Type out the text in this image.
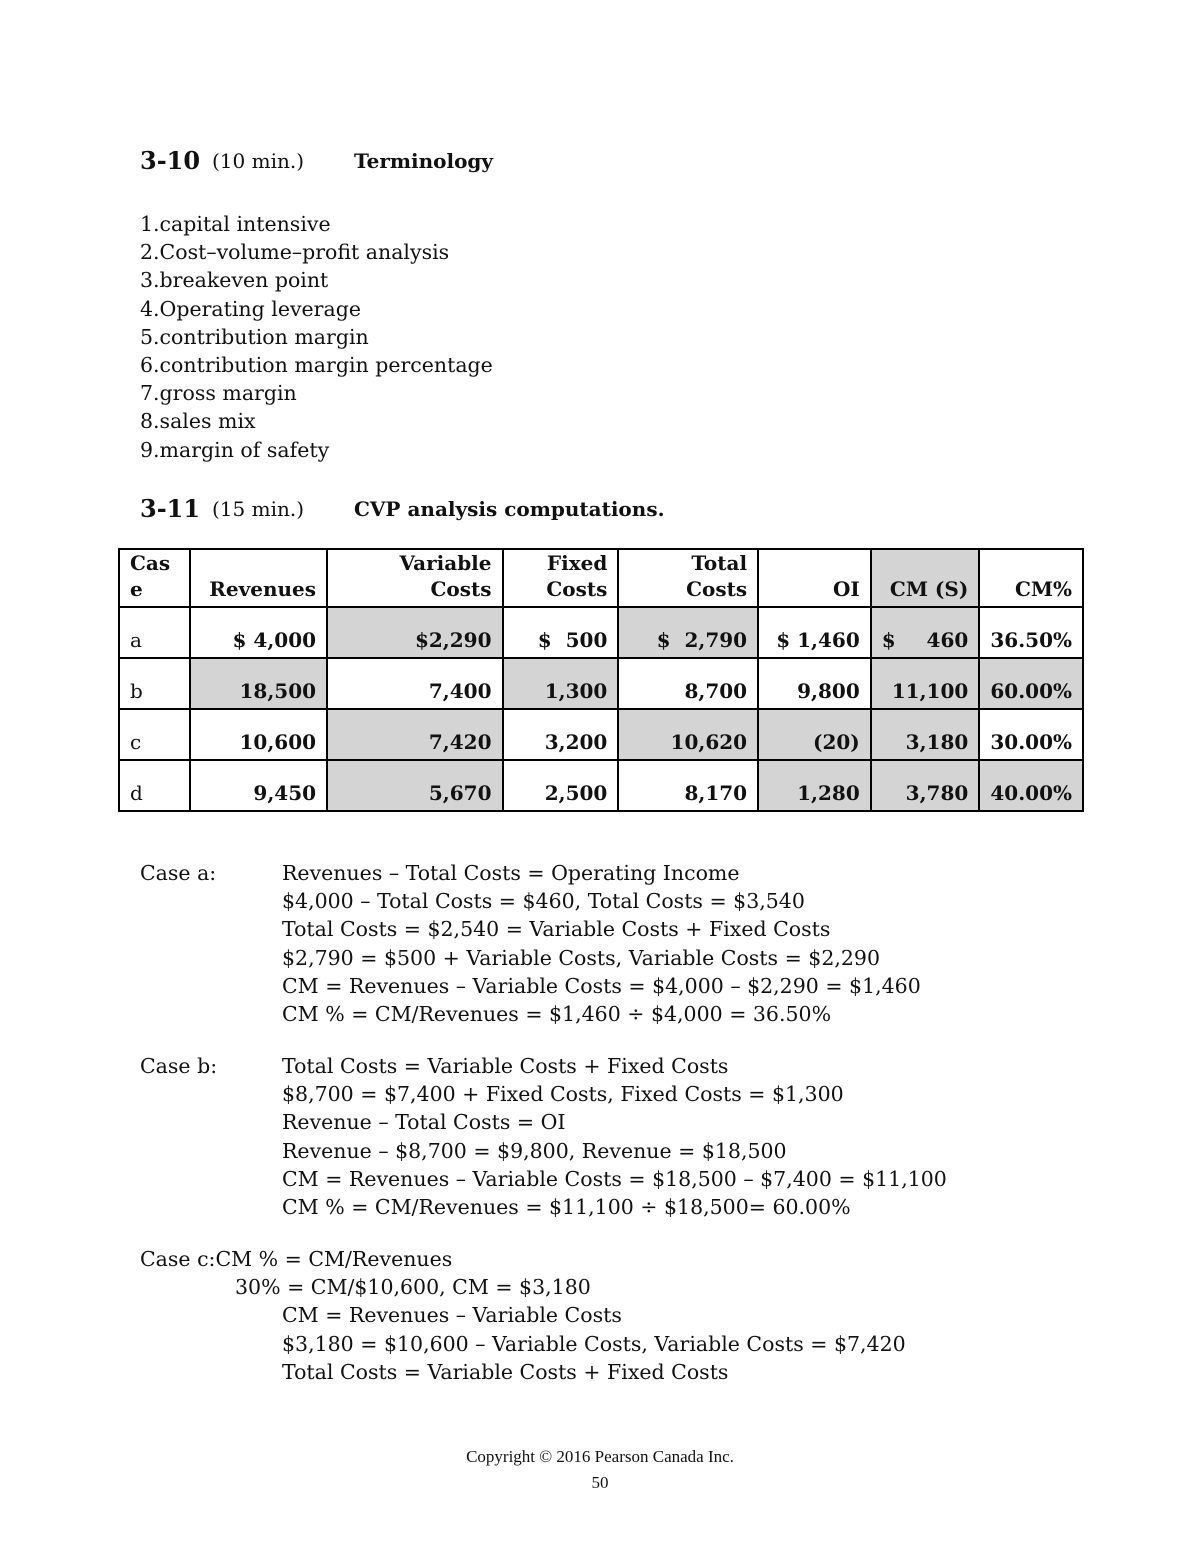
3-10 (10 min.) Terminology
1.capital intensive
2.Cost–volume–profit analysis
3.breakeven point
4.Operating leverage
5.contribution margin
6.contribution margin percentage
7.gross margin
8.sales mix
9.margin of safety
3-11 (15 min.) CVP analysis computations.
Cas e	Revenues	Variable Costs	Fixed Costs	Total Costs	OI	CM (S)	CM%
a	$ 4,000	$2,290	$  500	$  2,790	$ 1,460	$ 460	36.50%
b	18,500	7,400	1,300	8,700	9,800	11,100	60.00%
c	10,600	7,420	3,200	10,620	(20)	3,180	30.00%
d	9,450	5,670	2,500	8,170	1,280	3,780	40.00%
Case a:	Revenues – Total Costs = Operating Income
$4,000 – Total Costs = $460, Total Costs = $3,540
Total Costs = $2,540 = Variable Costs + Fixed Costs
$2,790 = $500 + Variable Costs, Variable Costs = $2,290
CM = Revenues – Variable Costs = $4,000 – $2,290 = $1,460
CM % = CM/Revenues = $1,460 ÷ $4,000 = 36.50%
Case b:	Total Costs = Variable Costs + Fixed Costs
$8,700 = $7,400 + Fixed Costs, Fixed Costs = $1,300
Revenue – Total Costs = OI
Revenue – $8,700 = $9,800, Revenue = $18,500
CM = Revenues – Variable Costs = $18,500 – $7,400 = $11,100
CM % = CM/Revenues = $11,100 ÷ $18,500= 60.00%
Case c:CM % = CM/Revenues
30% = CM/$10,600, CM = $3,180
CM = Revenues – Variable Costs
$3,180 = $10,600 – Variable Costs, Variable Costs = $7,420
Total Costs = Variable Costs + Fixed Costs
Copyright © 2016 Pearson Canada Inc.
50
